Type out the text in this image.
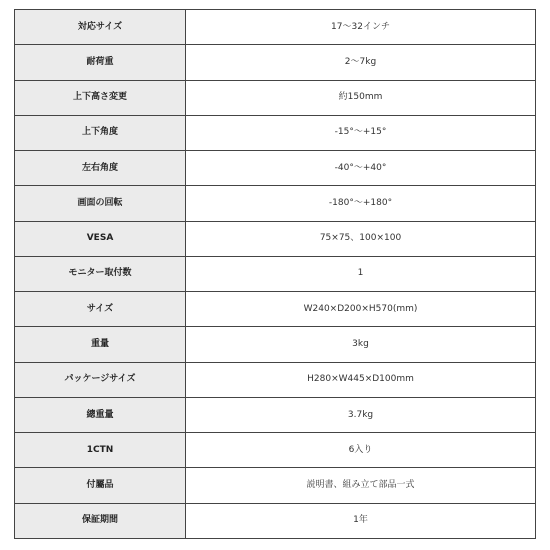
対応サイズ	17〜32インチ
耐荷重	2〜7kg
上下高さ変更	約150mm
上下角度	-15°〜+15°
左右角度	-40°〜+40°
画面の回転	-180°〜+180°
VESA	75×75、100×100
モニター取付数	1
サイズ	W240×D200×H570(mm)
重量	3kg
パッケージサイズ	H280×W445×D100mm
總重量	3.7kg
1CTN	6入り
付屬品	説明書、組み立て部品一式
保証期間	1年
